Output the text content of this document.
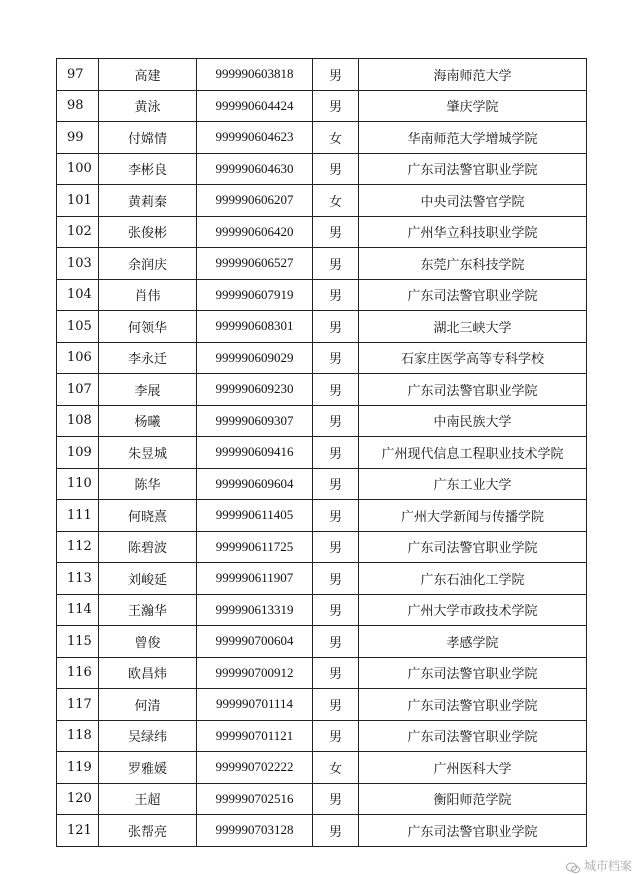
97	高建	999990603818	男	海南师范大学
98	黄泳	999990604424	男	肇庆学院
99	付嫦情	999990604623	女	华南师范大学增城学院
100	李彬良	999990604630	男	广东司法警官职业学院
101	黄莉秦	999990606207	女	中央司法警官学院
102	张俊彬	999990606420	男	广州华立科技职业学院
103	余润庆	999990606527	男	东莞广东科技学院
104	肖伟	999990607919	男	广东司法警官职业学院
105	何领华	999990608301	男	湖北三峡大学
106	李永迁	999990609029	男	石家庄医学高等专科学校
107	李展	999990609230	男	广东司法警官职业学院
108	杨曦	999990609307	男	中南民族大学
109	朱昱城	999990609416	男	广州现代信息工程职业技术学院
110	陈华	999990609604	男	广东工业大学
111	何晓熹	999990611405	男	广州大学新闻与传播学院
112	陈碧波	999990611725	男	广东司法警官职业学院
113	刘峻延	999990611907	男	广东石油化工学院
114	王瀚华	999990613319	男	广州大学市政技术学院
115	曾俊	999990700604	男	孝感学院
116	欧昌炜	999990700912	男	广东司法警官职业学院
117	何清	999990701114	男	广东司法警官职业学院
118	吴绿纬	999990701121	男	广东司法警官职业学院
119	罗雅媛	999990702222	女	广州医科大学
120	王超	999990702516	男	衡阳师范学院
121	张帮亮	999990703128	男	广东司法警官职业学院
城市档案
